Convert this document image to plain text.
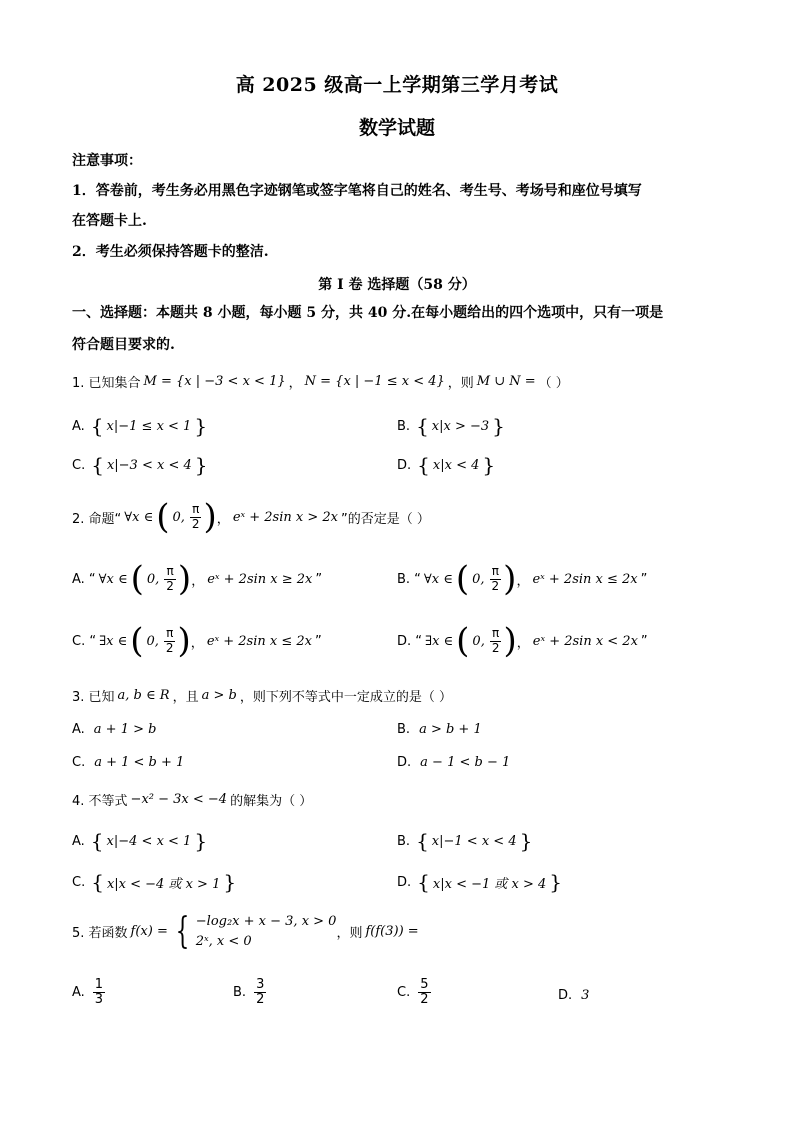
高 2025 级高一上学期第三学月考试
数学试题
注意事项：
1．答卷前，考生务必用黑色字迹钢笔或签字笔将自己的姓名、考生号、考场号和座位号填写
在答题卡上.
2．考生必须保持答题卡的整洁.
第 I 卷 选择题（58 分）
一、选择题：本题共 8 小题，每小题 5 分，共 40 分.在每小题给出的四个选项中，只有一项是
符合题目要求的.
1. 已知集合 M = {x | −3 < x < 1} ， N = {x | −1 ≤ x < 4} ，则 M ∪ N = （ ）
A. { x|−1 ≤ x < 1 }	B. { x|x > −3 }
C. { x|−3 < x < 4 }	D. { x|x < 4 }
2. 命题“ ∀x ∈ ( 0, $\frac{\pi}{2}$ ) ， eˣ + 2sin x > 2x ”的否定是（ ）
A. “ ∀x ∈ ( 0, $\frac{\pi}{2}$ ) ， eˣ + 2sin x ≥ 2x ”	B. “ ∀x ∈ ( 0, $\frac{\pi}{2}$ ) ， eˣ + 2sin x ≤ 2x ”
C. “ ∃x ∈ ( 0, $\frac{\pi}{2}$ ) ， eˣ + 2sin x ≤ 2x ”	D. “ ∃x ∈ ( 0, $\frac{\pi}{2}$ ) ， eˣ + 2sin x < 2x ”
3. 已知 a, b ∈ R ，且 a > b ，则下列不等式中一定成立的是（ ）
A. a + 1 > b	B. a > b + 1
C. a + 1 < b + 1	D. a − 1 < b − 1
4. 不等式 −x² − 3x < −4 的解集为（ ）
A. { x|−4 < x < 1 }	B. { x|−1 < x < 4 }
C. { x|x < −4 或 x > 1 }	D. { x|x < −1 或 x > 4 }
5. 若函数 f(x) = { −log₂x + x − 3, x > 0
2ˣ, x < 0	，则 f(f(3)) =
A. $\frac{1}{3}$	B. $\frac{3}{2}$	C. $\frac{5}{2}$	D. 3
